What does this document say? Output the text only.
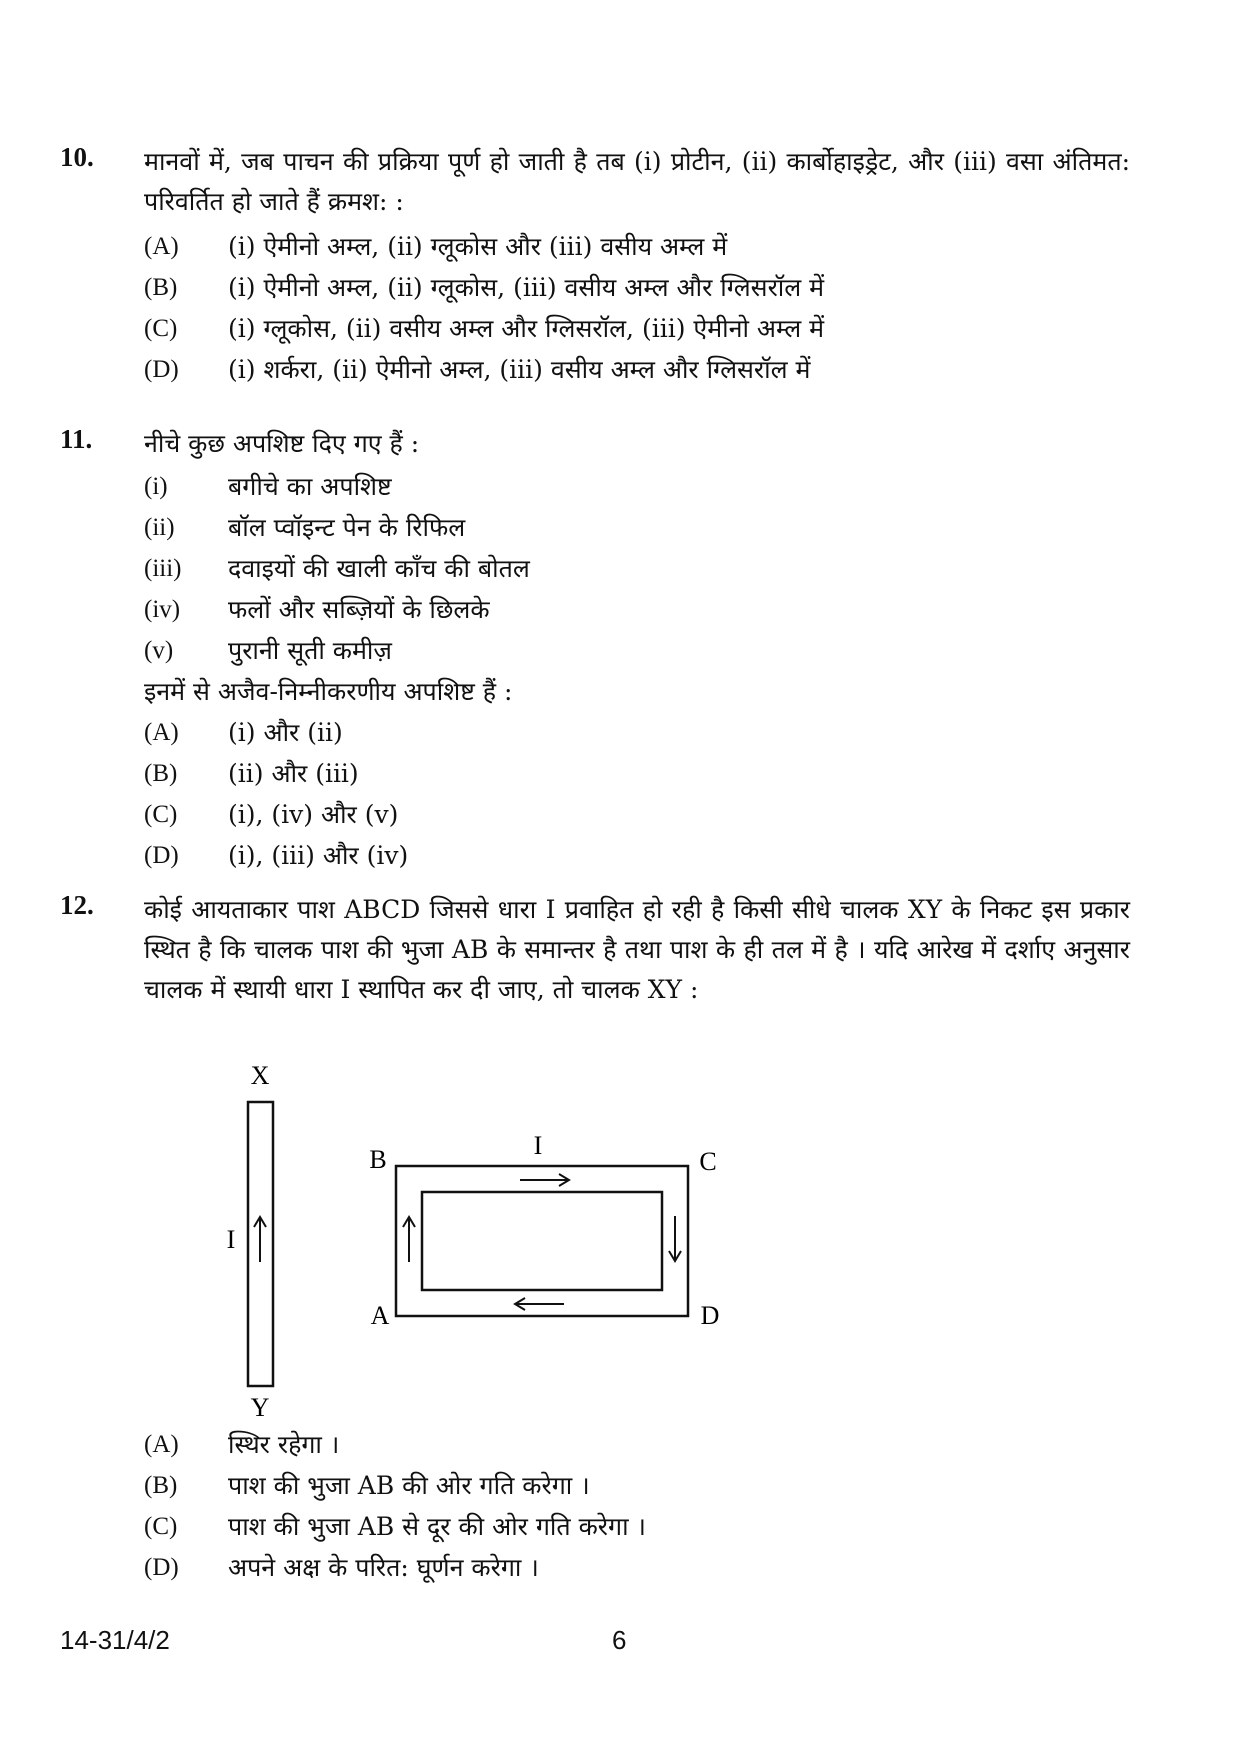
10. मानवों में, जब पाचन की प्रक्रिया पूर्ण हो जाती है तब (i) प्रोटीन, (ii) कार्बोहाइड्रेट, और (iii) वसा अंतिमत: परिवर्तित हो जाते हैं क्रमश: :
(A) (i) ऐमीनो अम्ल, (ii) ग्लूकोस और (iii) वसीय अम्ल में
(B) (i) ऐमीनो अम्ल, (ii) ग्लूकोस, (iii) वसीय अम्ल और ग्लिसरॉल में
(C) (i) ग्लूकोस, (ii) वसीय अम्ल और ग्लिसरॉल, (iii) ऐमीनो अम्ल में
(D) (i) शर्करा, (ii) ऐमीनो अम्ल, (iii) वसीय अम्ल और ग्लिसरॉल में
11. नीचे कुछ अपशिष्ट दिए गए हैं :
(i) बगीचे का अपशिष्ट
(ii) बॉल प्वॉइन्ट पेन के रिफिल
(iii) दवाइयों की खाली काँच की बोतल
(iv) फलों और सब्ज़ियों के छिलके
(v) पुरानी सूती कमीज़
इनमें से अजैव-निम्नीकरणीय अपशिष्ट हैं :
(A) (i) और (ii)
(B) (ii) और (iii)
(C) (i), (iv) और (v)
(D) (i), (iii) और (iv)
12. कोई आयताकार पाश ABCD जिससे धारा I प्रवाहित हो रही है किसी सीधे चालक XY के निकट इस प्रकार स्थित है कि चालक पाश की भुजा AB के समान्तर है तथा पाश के ही तल में है । यदि आरेख में दर्शाए अनुसार चालक में स्थायी धारा I स्थापित कर दी जाए, तो चालक XY :
X
Y
I
B	C
A	D
I
(A) स्थिर रहेगा ।
(B) पाश की भुजा AB की ओर गति करेगा ।
(C) पाश की भुजा AB से दूर की ओर गति करेगा ।
(D) अपने अक्ष के परित: घूर्णन करेगा ।
14-31/4/2	6
